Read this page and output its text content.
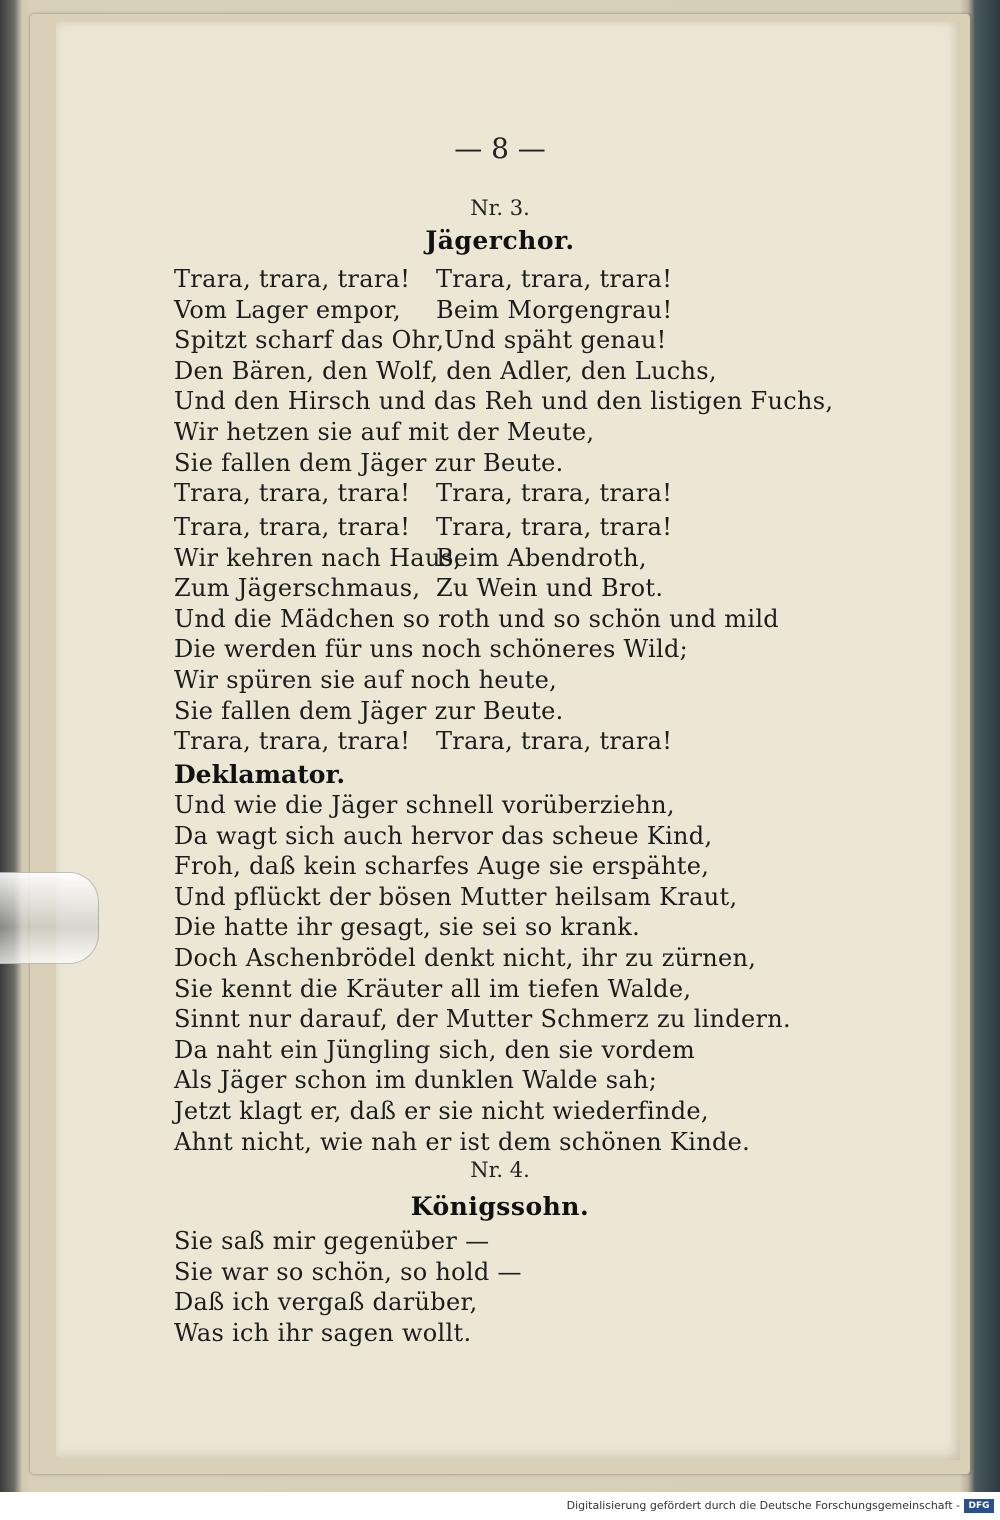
— 8 —
Nr. 3.
Jägerchor.
Trara, trara, trara! Trara, trara, trara!
Vom Lager empor, Beim Morgengrau!
Spitzt scharf das Ohr,Und späht genau!
Den Bären, den Wolf, den Adler, den Luchs,
Und den Hirsch und das Reh und den listigen Fuchs,
Wir hetzen sie auf mit der Meute,
Sie fallen dem Jäger zur Beute.
Trara, trara, trara! Trara, trara, trara!
Trara, trara, trara! Trara, trara, trara!
Wir kehren nach Haus,Beim Abendroth,
Zum Jägerschmaus, Zu Wein und Brot.
Und die Mädchen so roth und so schön und mild
Die werden für uns noch schöneres Wild;
Wir spüren sie auf noch heute,
Sie fallen dem Jäger zur Beute.
Trara, trara, trara! Trara, trara, trara!
Deklamator.
Und wie die Jäger schnell vorüberziehn,
Da wagt sich auch hervor das scheue Kind,
Froh, daß kein scharfes Auge sie erspähte,
Und pflückt der bösen Mutter heilsam Kraut,
Die hatte ihr gesagt, sie sei so krank.
Doch Aschenbrödel denkt nicht, ihr zu zürnen,
Sie kennt die Kräuter all im tiefen Walde,
Sinnt nur darauf, der Mutter Schmerz zu lindern.
Da naht ein Jüngling sich, den sie vordem
Als Jäger schon im dunklen Walde sah;
Jetzt klagt er, daß er sie nicht wiederfinde,
Ahnt nicht, wie nah er ist dem schönen Kinde.
Nr. 4.
Königssohn.
Sie saß mir gegenüber —
Sie war so schön, so hold —
Daß ich vergaß darüber,
Was ich ihr sagen wollt.
Digitalisierung gefördert durch die Deutsche Forschungsgemeinschaft - DFG
